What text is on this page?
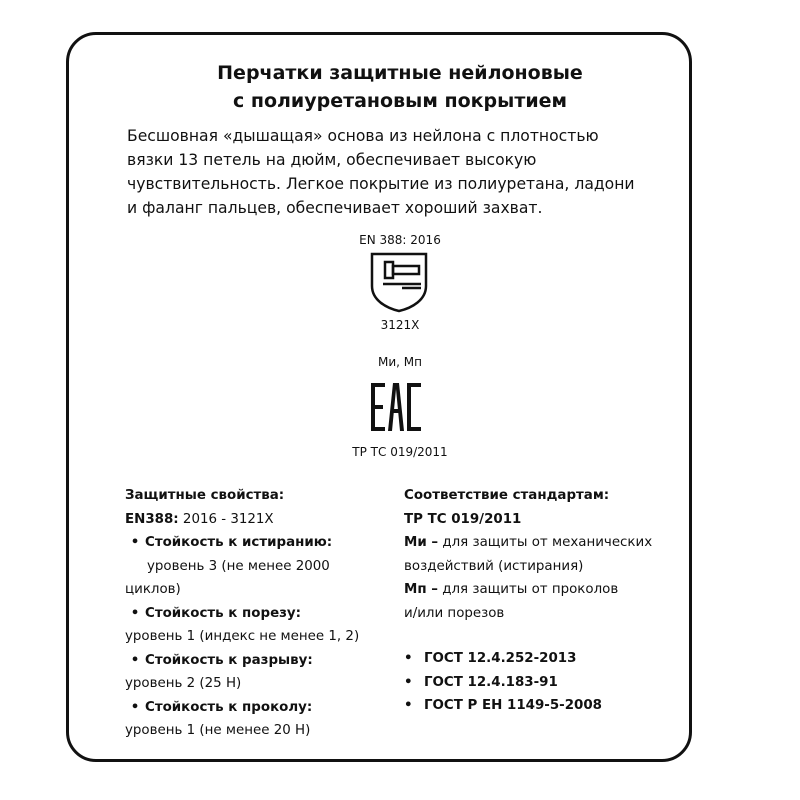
Перчатки защитные нейлоновые
с полиуретановым покрытием
Бесшовная «дышащая» основа из нейлона с плотностью
вязки 13 петель на дюйм, обеспечивает высокую
чувствительность. Легкое покрытие из полиуретана, ладони
и фаланг пальцев, обеспечивает хороший захват.
EN 388: 2016
3121X
Ми, Мп
ТР ТС 019/2011
Защитные свойства:
EN388: 2016 - 3121X
• Стойкость к истиранию:
уровень 3 (не менее 2000
циклов)
• Стойкость к порезу:
уровень 1 (индекс не менее 1, 2)
• Стойкость к разрыву:
уровень 2 (25 Н)
• Стойкость к проколу:
уровень 1 (не менее 20 Н)
Соответствие стандартам:
ТР ТС 019/2011
Ми – для защиты от механических
воздействий (истирания)
Мп – для защиты от проколов
и/или порезов
• ГОСТ 12.4.252-2013
• ГОСТ 12.4.183-91
• ГОСТ Р ЕН 1149-5-2008
